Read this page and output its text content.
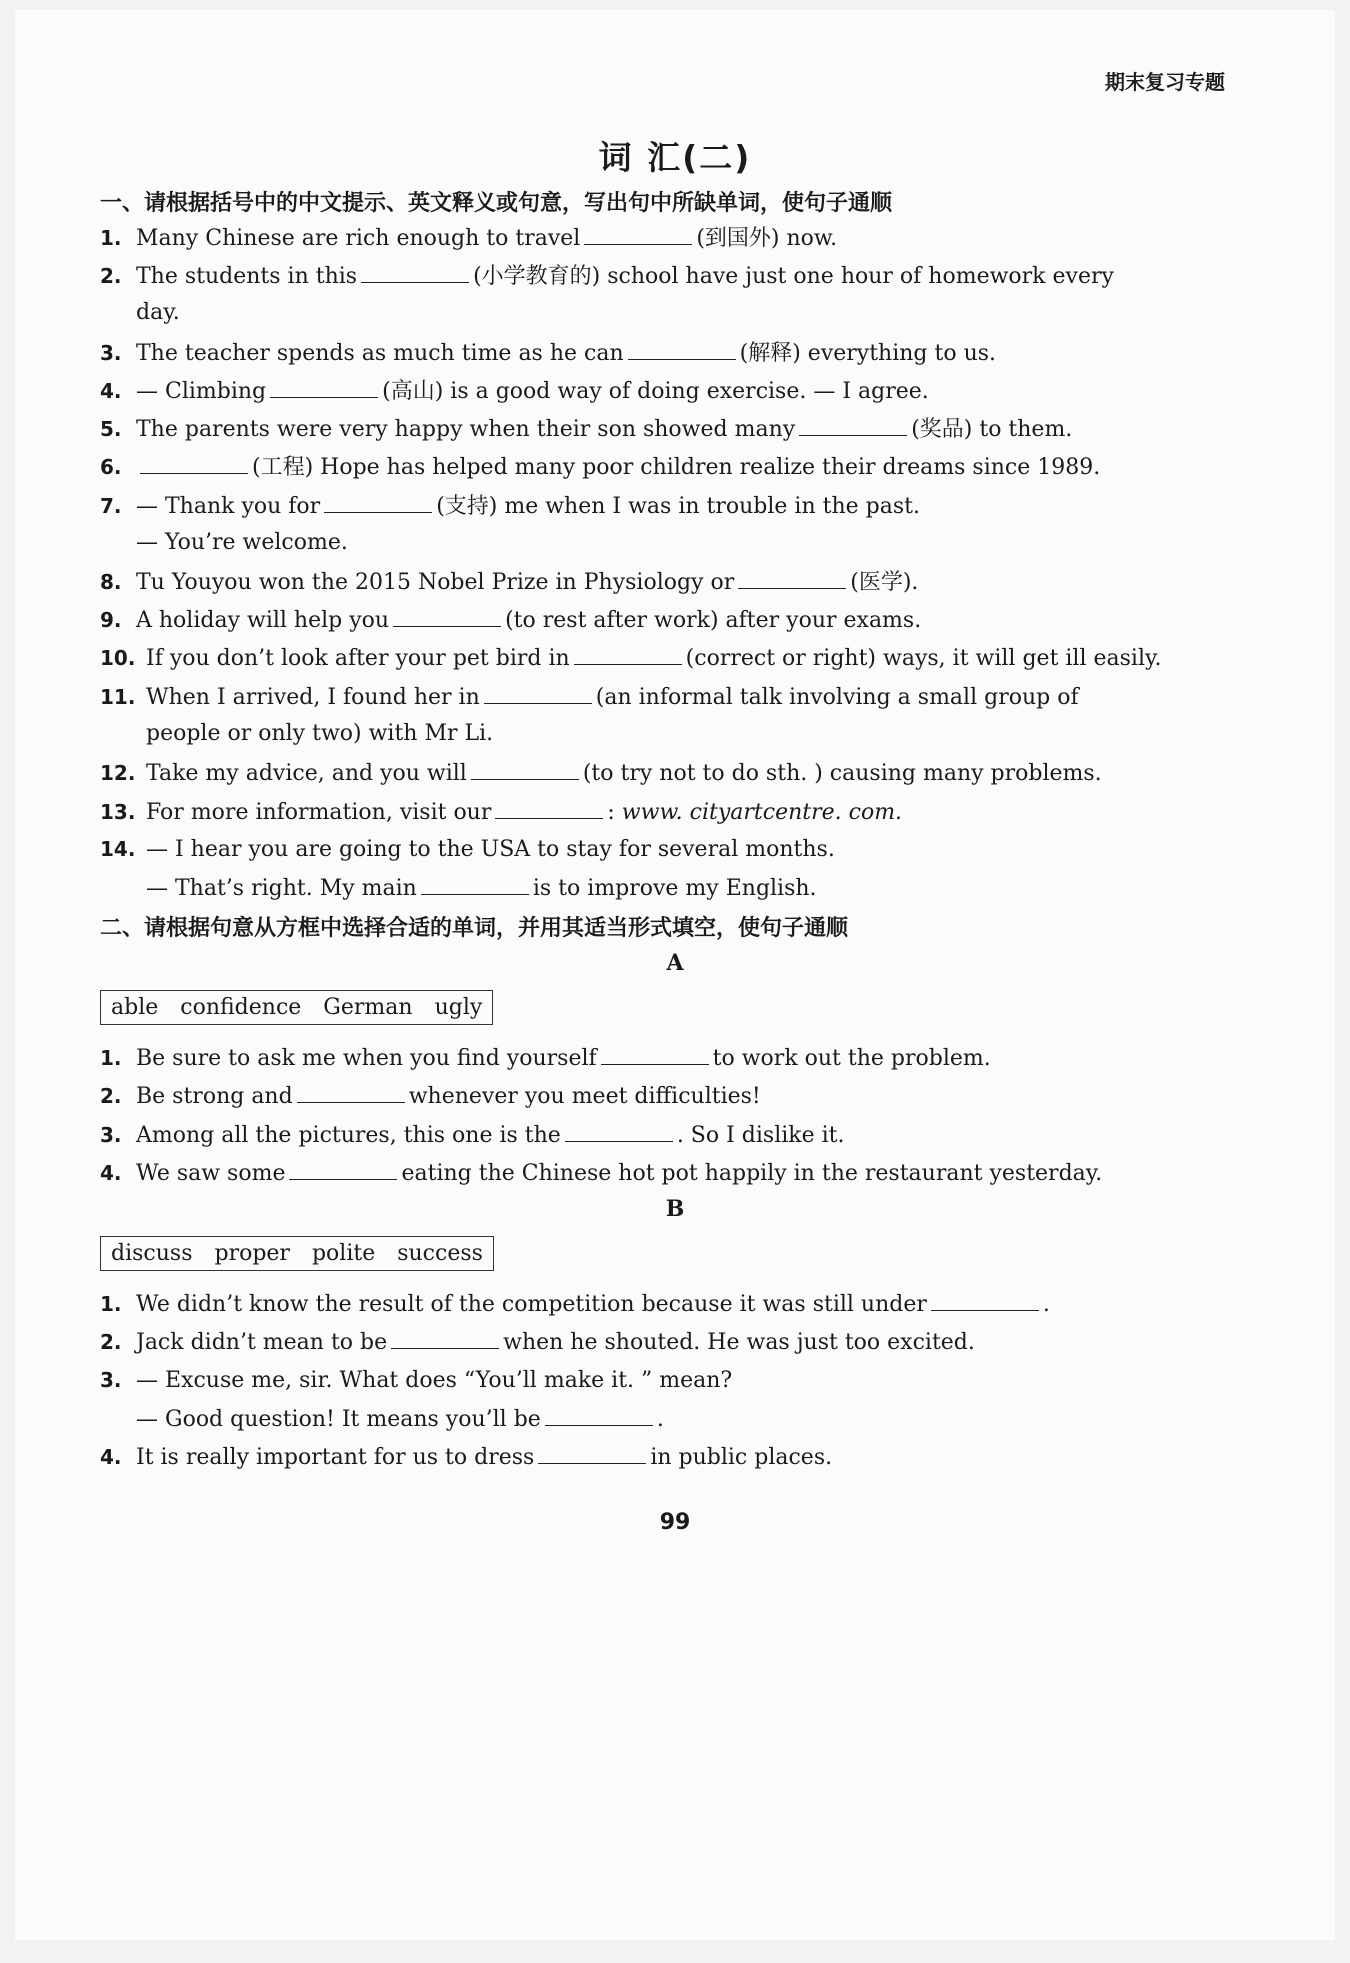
期末复习专题
词 汇(二)
一、请根据括号中的中文提示、英文释义或句意，写出句中所缺单词，使句子通顺
1. Many Chinese are rich enough to travel	(到国外) now.
2. The students in this	(小学教育的) school have just one hour of homework every
day.
3. The teacher spends as much time as he can	(解释) everything to us.
4. — Climbing	(高山) is a good way of doing exercise. — I agree.
5. The parents were very happy when their son showed many	(奖品) to them.
6.	(工程) Hope has helped many poor children realize their dreams since 1989.
7. — Thank you for	(支持) me when I was in trouble in the past.
— You’re welcome.
8. Tu Youyou won the 2015 Nobel Prize in Physiology or	(医学).
9. A holiday will help you	(to rest after work) after your exams.
10. If you don’t look after your pet bird in	(correct or right) ways, it will get ill easily.
11. When I arrived, I found her in	(an informal talk involving a small group of
people or only two) with Mr Li.
12. Take my advice, and you will	(to try not to do sth. ) causing many problems.
13. For more information, visit our	: www. cityartcentre. com.
14. — I hear you are going to the USA to stay for several months.
— That’s right. My main	is to improve my English.
二、请根据句意从方框中选择合适的单词，并用其适当形式填空，使句子通顺
A
able confidence German ugly
1. Be sure to ask me when you find yourself	to work out the problem.
2. Be strong and	whenever you meet difficulties!
3. Among all the pictures, this one is the	. So I dislike it.
4. We saw some	eating the Chinese hot pot happily in the restaurant yesterday.
B
discuss proper polite success
1. We didn’t know the result of the competition because it was still under	.
2. Jack didn’t mean to be	when he shouted. He was just too excited.
3. — Excuse me, sir. What does “You’ll make it. ” mean?
— Good question! It means you’ll be	.
4. It is really important for us to dress	in public places.
99
